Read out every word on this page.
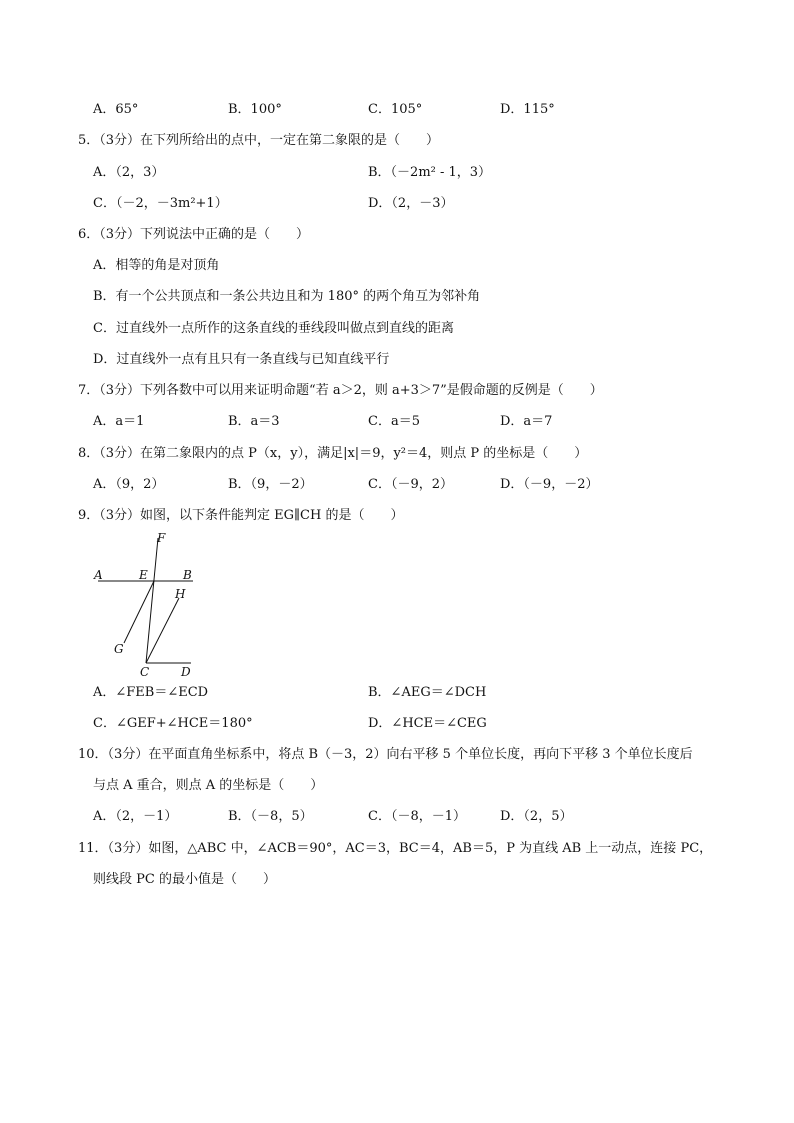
A．65°	B．100°	C．105°	D．115°
5．（3分）在下列所给出的点中，一定在第二象限的是（　　）
A．（2，3）	B．（－2m² - 1，3）
C．（－2，－3m²+1）	D．（2，－3）
6．（3分）下列说法中正确的是（　　）
A．相等的角是对顶角
B．有一个公共顶点和一条公共边且和为 180° 的两个角互为邻补角
C．过直线外一点所作的这条直线的垂线段叫做点到直线的距离
D．过直线外一点有且只有一条直线与已知直线平行
7．（3分）下列各数中可以用来证明命题“若 a＞2，则 a+3＞7”是假命题的反例是（　　）
A．a＝1	B．a＝3	C．a＝5	D．a＝7
8．（3分）在第二象限内的点 P（x，y），满足|x|＝9，y²＝4，则点 P 的坐标是（　　）
A．（9，2）	B．（9，－2）	C．（－9，2）	D．（－9，－2）
9．（3分）如图，以下条件能判定 EG∥CH 的是（　　）
F
A	E	B
H
G
C	D
A．∠FEB＝∠ECD	B．∠AEG＝∠DCH
C．∠GEF+∠HCE＝180°	D．∠HCE＝∠CEG
10．（3分）在平面直角坐标系中，将点 B（－3，2）向右平移 5 个单位长度，再向下平移 3 个单位长度后
与点 A 重合，则点 A 的坐标是（　　）
A．（2，－1）	B．（－8，5）	C．（－8，－1）	D．（2，5）
11．（3分）如图，△ABC 中，∠ACB＝90°，AC＝3，BC＝4，AB＝5，P 为直线 AB 上一动点，连接 PC，
则线段 PC 的最小值是（　　）
